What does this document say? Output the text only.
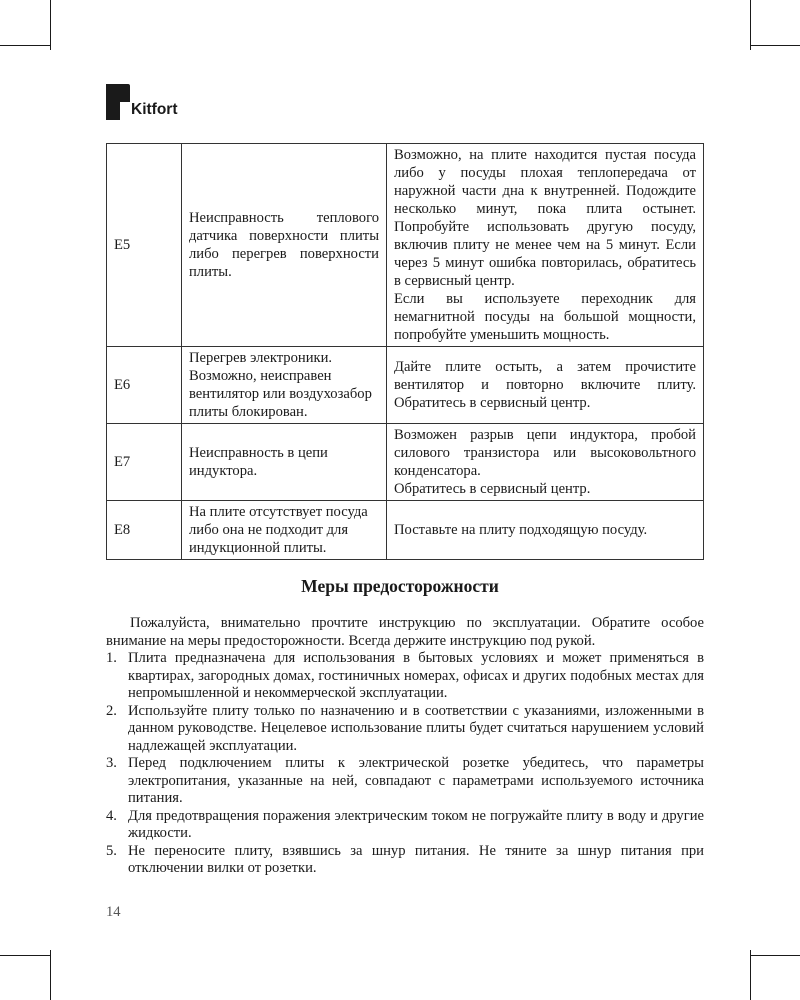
Kitfort
E5	Неисправность теплового датчика поверхности плиты либо перегрев поверхности плиты.	Возможно, на плите находится пустая посуда либо у посуды плохая теплопередача от наружной части дна к внутренней. Подождите несколько минут, пока плита остынет. Попробуйте использовать другую посуду, включив плиту не менее чем на 5 минут. Если через 5 минут ошибка повторилась, обратитесь в сервисный центр.
Если вы используете переходник для немагнитной посуды на большой мощности, попробуйте уменьшить мощность.

E6	Перегрев электроники. Возможно, неисправен вентилятор или воздухозабор плиты блокирован.	Дайте плите остыть, а затем прочистите вентилятор и повторно включите плиту. Обратитесь в сервисный центр.

E7	Неисправность в цепи индуктора.	Возможен разрыв цепи индуктора, пробой силового транзистора или высоковольтного конденсатора.
Обратитесь в сервисный центр.

E8	На плите отсутствует посуда либо она не подходит для индукционной плиты.	Поставьте на плиту подходящую посуду.
Меры предосторожности

Пожалуйста, внимательно прочтите инструкцию по эксплуатации. Обратите особое внимание на меры предосторожности. Всегда держите инструкцию под рукой.

1. Плита предназначена для использования в бытовых условиях и может применяться в квартирах, загородных домах, гостиничных номерах, офисах и других подобных местах для непромышленной и некоммерческой эксплуатации.
2. Используйте плиту только по назначению и в соответствии с указаниями, изложенными в данном руководстве. Нецелевое использование плиты будет считаться нарушением условий надлежащей эксплуатации.
3. Перед подключением плиты к электрической розетке убедитесь, что параметры электропитания, указанные на ней, совпадают с параметрами используемого источника питания.
4. Для предотвращения поражения электрическим током не погружайте плиту в воду и другие жидкости.
5. Не переносите плиту, взявшись за шнур питания. Не тяните за шнур питания при отключении вилки от розетки.
14
